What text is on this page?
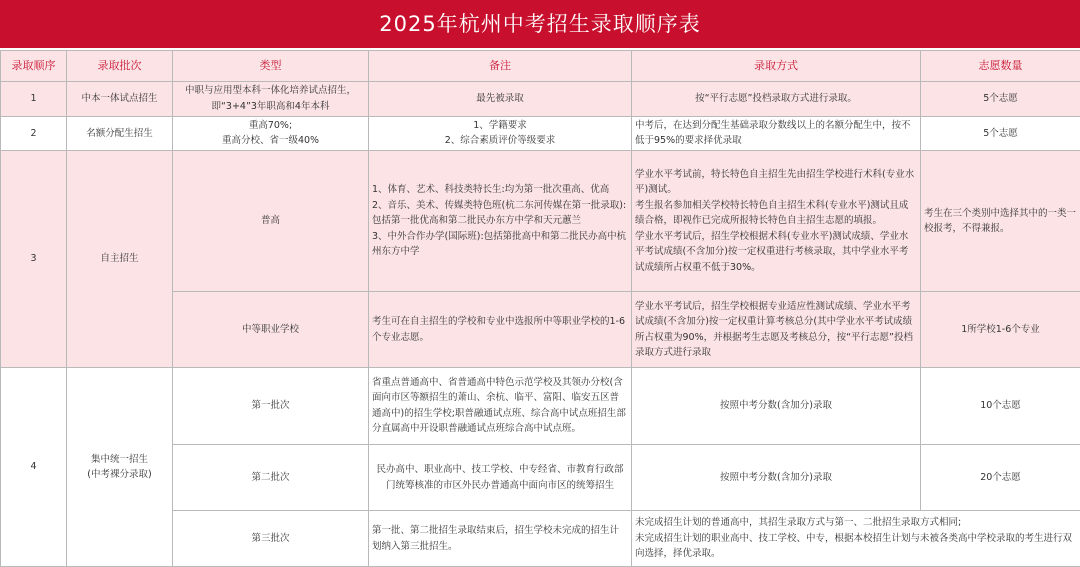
2025年杭州中考招生录取顺序表
录取顺序	录取批次	类型	备注	录取方式	志愿数量
1	中本一体试点招生	中职与应用型本科一体化培养试点招生，即“3+4”3年职高和4年本科	最先被录取	按“平行志愿”投档录取方式进行录取。	5个志愿
2	名额分配生招生	重高70%;
重高分校、省一级40%	1、学籍要求
2、综合素质评价等级要求	中考后，在达到分配生基础录取分数线以上的名额分配生中，按不低于95%的要求择优录取	5个志愿
3	自主招生	普高	1、体育、艺术、科技类特长生:均为第一批次重高、优高
2、音乐、美术、传媒类特色班(杭二东河传媒在第一批录取):包括第一批优高和第二批民办东方中学和天元蕙兰
3、中外合作办学(国际班):包括第批高中和第二批民办高中杭州东方中学	学业水平考试前，特长特色自主招生先由招生学校进行术科(专业水平)测试。
考生报名参加相关学校特长特色自主招生术科(专业水平)测试且成绩合格，即视作已完成所报特长特色自主招生志愿的填报。
学业水平考试后，招生学校根据术科(专业水平)测试成绩、学业水平考试成绩(不含加分)按一定权重进行考核录取，其中学业水平考试成绩所占权重不低于30%。	考生在三个类别中选择其中的一类一校报考，不得兼报。
		中等职业学校	考生可在自主招生的学校和专业中选报所中等职业学校的1-6个专业志愿。	学业水平考试后，招生学校根据专业适应性测试成绩、学业水平考试成绩(不含加分)按一定权重计算考核总分(其中学业水平考试成绩所占权重为90%，并根据考生志愿及考核总分，按“平行志愿”投档录取方式进行录取	1所学校1-6个专业
4	集中统一招生
(中考裸分录取)	第一批次	省重点普通高中、省普通高中特色示范学校及其领办分校(含面向市区等额招生的萧山、余杭、临平、富阳、临安五区普通高中)的招生学校;职普融通试点班、综合高中试点班招生部分直属高中开设职普融通试点班综合高中试点班。	按照中考分数(含加分)录取	10个志愿
		第二批次	民办高中、职业高中、技工学校、中专经省、市教育行政部门统筹核准的市区外民办普通高中面向市区的统筹招生	按照中考分数(含加分)录取	20个志愿
		第三批次	第一批、第二批招生录取结束后，招生学校未完成的招生计划纳入第三批招生。	未完成招生计划的普通高中，其招生录取方式与第一、二批招生录取方式相同;
未完成招生计划的职业高中、技工学校、中专，根据本校招生计划与未被各类高中学校录取的考生进行双向选择，择优录取。	
